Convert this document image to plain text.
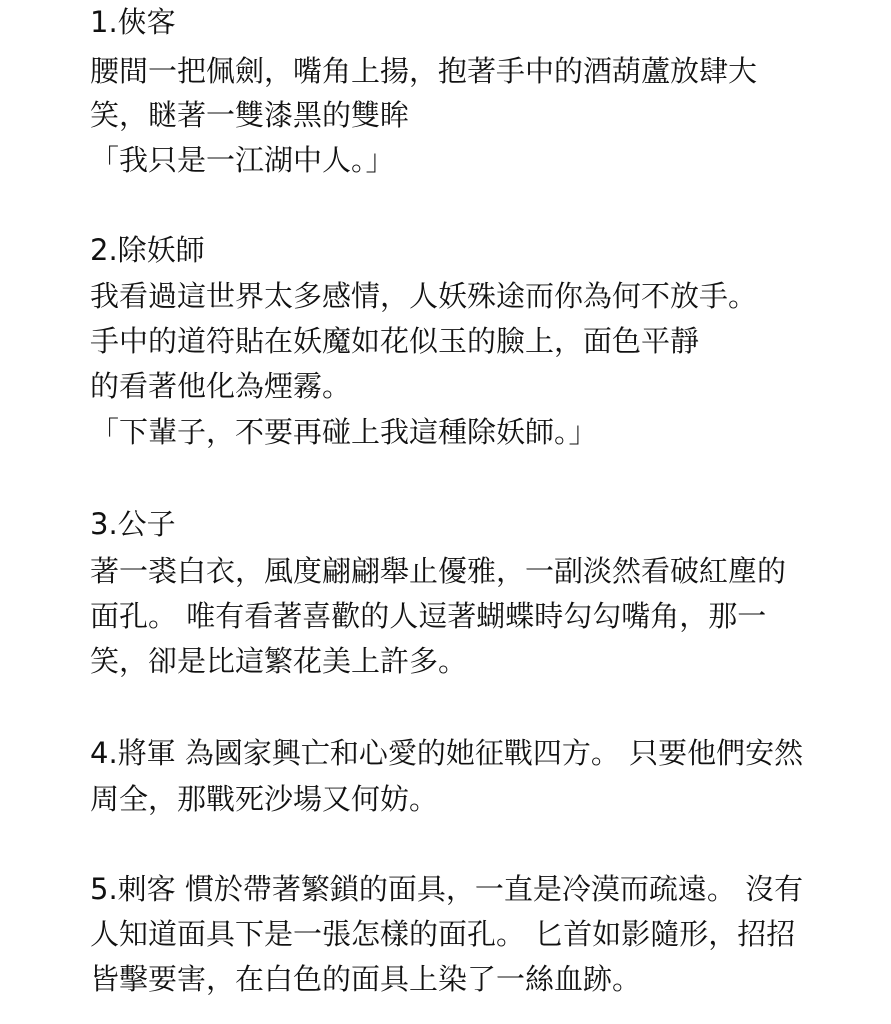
1.俠客
腰間一把佩劍，嘴角上揚，抱著手中的酒葫蘆放肆大
笑，瞇著一雙漆黑的雙眸
「我只是一江湖中人。」
2.除妖師
我看過這世界太多感情，人妖殊途而你為何不放手。
手中的道符貼在妖魔如花似玉的臉上，面色平靜
的看著他化為煙霧。
「下輩子，不要再碰上我這種除妖師。」
3.公子
著一裘白衣，風度翩翩舉止優雅，一副淡然看破紅塵的
面孔。 唯有看著喜歡的人逗著蝴蝶時勾勾嘴角，那一
笑，卻是比這繁花美上許多。
4.將軍 為國家興亡和心愛的她征戰四方。 只要他們安然
周全，那戰死沙場又何妨。
5.刺客 慣於帶著繁鎖的面具，一直是冷漠而疏遠。 沒有
人知道面具下是一張怎樣的面孔。 匕首如影隨形，招招
皆擊要害，在白色的面具上染了一絲血跡。
